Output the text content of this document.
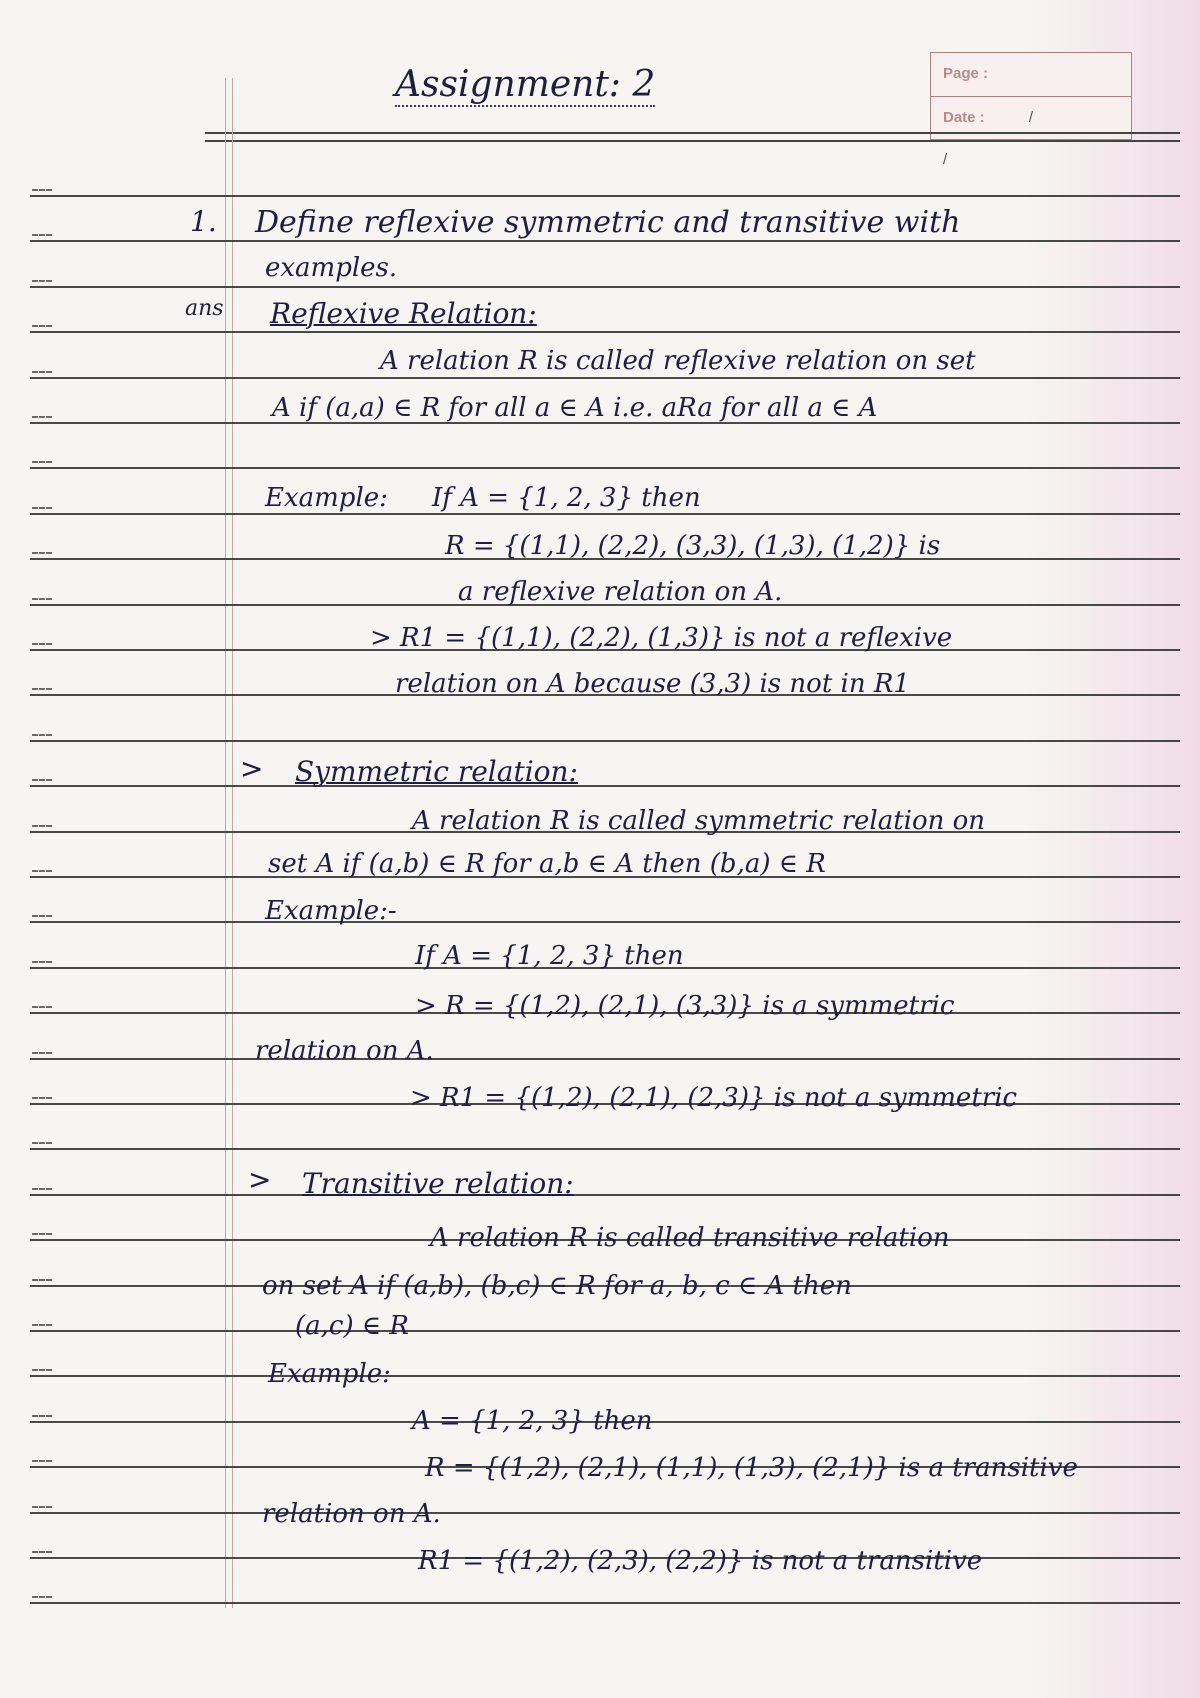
Page :
Date :	/ /
Assignment: 2
1. Define reflexive symmetric and transitive with
examples.
ans Reflexive Relation:
A relation R is called reflexive relation on set
A if (a,a) ∈ R for all a ∈ A i.e. aRa for all a ∈ A
Example: If A = {1, 2, 3} then
R = {(1,1), (2,2), (3,3), (1,3), (1,2)} is
a reflexive relation on A.
> R1 = {(1,1), (2,2), (1,3)} is not a reflexive
relation on A because (3,3) is not in R1
> Symmetric relation:
A relation R is called symmetric relation on
set A if (a,b) ∈ R for a,b ∈ A then (b,a) ∈ R
Example:-
If A = {1, 2, 3} then
> R = {(1,2), (2,1), (3,3)} is a symmetric
relation on A.
> R1 = {(1,2), (2,1), (2,3)} is not a symmetric
> Transitive relation:
A relation R is called transitive relation
on set A if (a,b), (b,c) ∈ R for a, b, c ∈ A then
(a,c) ∈ R
Example:
A = {1, 2, 3} then
R = {(1,2), (2,1), (1,1), (1,3), (2,1)} is a transitive
relation on A.
R1 = {(1,2), (2,3), (2,2)} is not a transitive
